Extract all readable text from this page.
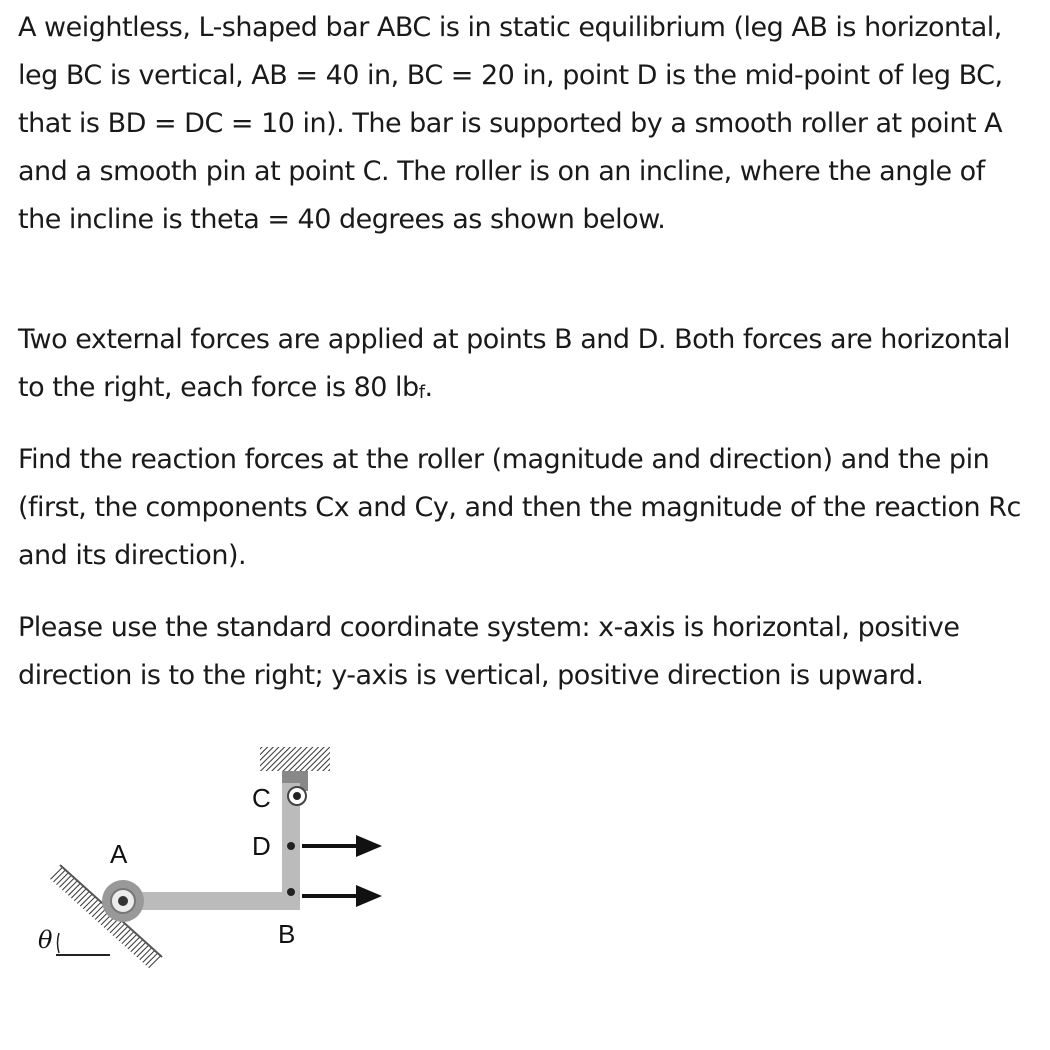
A weightless, L-shaped bar ABC is in static equilibrium (leg AB is horizontal, leg BC is vertical, AB = 40 in, BC = 20 in, point D is the mid-point of leg BC, that is BD = DC = 10 in). The bar is supported by a smooth roller at point A and a smooth pin at point C. The roller is on an incline, where the angle of the incline is theta = 40 degrees as shown below.

Two external forces are applied at points B and D. Both forces are horizontal to the right, each force is 80 $lb_f$.

Find the reaction forces at the roller (magnitude and direction) and the pin (first, the components Cx and Cy, and then the magnitude of the reaction Rc and its direction).

Please use the standard coordinate system: x-axis is horizontal, positive direction is to the right; y-axis is vertical, positive direction is upward.

C
D
A
B
θ
